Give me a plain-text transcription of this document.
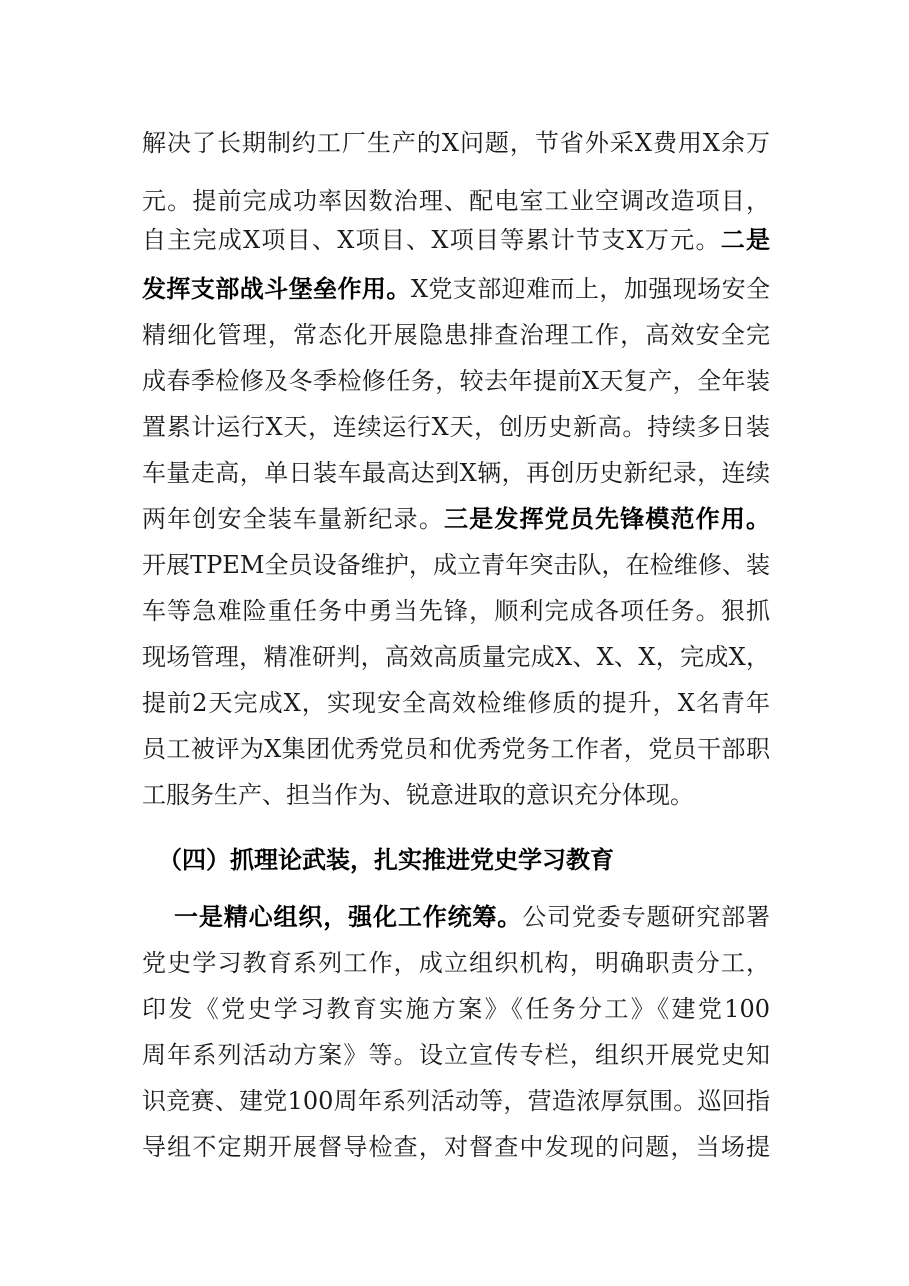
解决了长期制约工厂生产的X问题，节省外采X费用X余万
元。提前完成功率因数治理、配电室工业空调改造项目，
自主完成X项目、X项目、X项目等累计节支X万元。二是
发挥支部战斗堡垒作用。X党支部迎难而上，加强现场安全
精细化管理，常态化开展隐患排查治理工作，高效安全完
成春季检修及冬季检修任务，较去年提前X天复产，全年装
置累计运行X天，连续运行X天，创历史新高。持续多日装
车量走高，单日装车最高达到X辆，再创历史新纪录，连续
两年创安全装车量新纪录。三是发挥党员先锋模范作用。
开展TPEM全员设备维护，成立青年突击队，在检维修、装
车等急难险重任务中勇当先锋，顺利完成各项任务。狠抓
现场管理，精准研判，高效高质量完成X、X、X，完成X，
提前2天完成X，实现安全高效检维修质的提升，X名青年
员工被评为X集团优秀党员和优秀党务工作者，党员干部职
工服务生产、担当作为、锐意进取的意识充分体现。
（四）抓理论武装，扎实推进党史学习教育
一是精心组织，强化工作统筹。公司党委专题研究部署
党史学习教育系列工作，成立组织机构，明确职责分工，
印发《党史学习教育实施方案》《任务分工》《建党100
周年系列活动方案》等。设立宣传专栏，组织开展党史知
识竞赛、建党100周年系列活动等，营造浓厚氛围。巡回指
导组不定期开展督导检查，对督查中发现的问题，当场提
